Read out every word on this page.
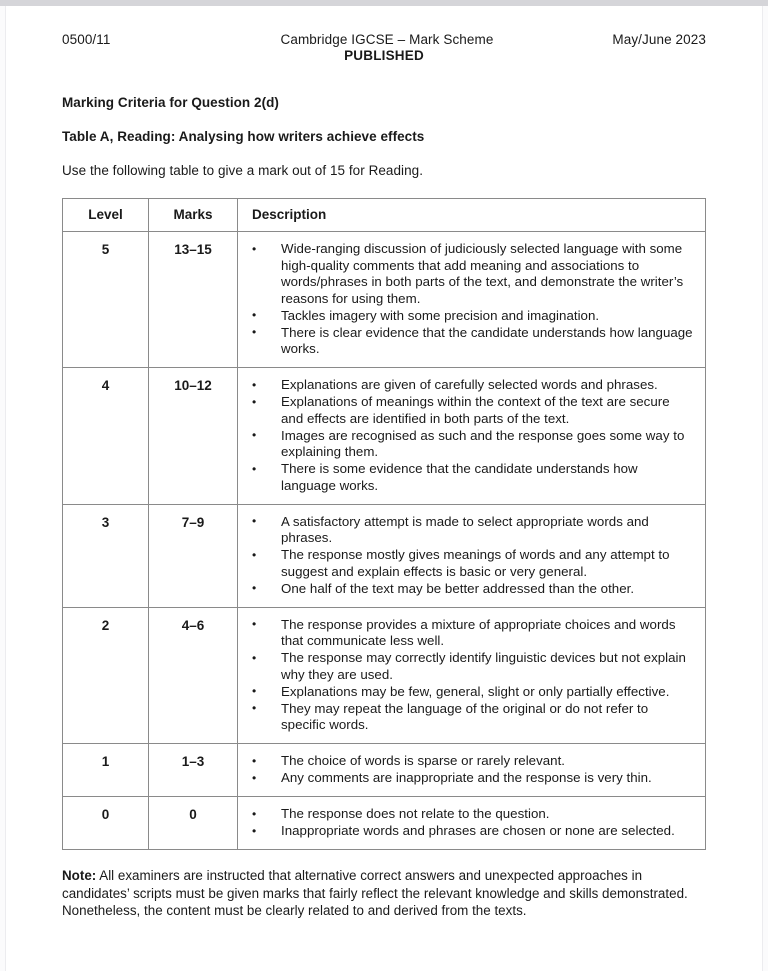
0500/11	Cambridge IGCSE – Mark Scheme
PUBLISHED
May/June 2023
Marking Criteria for Question 2(d)
Table A, Reading: Analysing how writers achieve effects
Use the following table to give a mark out of 15 for Reading.
Level	Marks	Description
5	13–15	
•Wide-ranging discussion of judiciously selected language with some high-quality comments that add meaning and associations to words/phrases in both parts of the text, and demonstrate the writer’s reasons for using them.
• Tackles imagery with some precision and imagination.
• There is clear evidence that the candidate understands how language works.

4	10–12	
•Explanations are given of carefully selected words and phrases.
• Explanations of meanings within the context of the text are secure and effects are identified in both parts of the text.
• Images are recognised as such and the response goes some way to explaining them.
• There is some evidence that the candidate understands how language works.

3	7–9	
•A satisfactory attempt is made to select appropriate words and phrases.
• The response mostly gives meanings of words and any attempt to suggest and explain effects is basic or very general.
• One half of the text may be better addressed than the other.

2	4–6	
•The response provides a mixture of appropriate choices and words that communicate less well.
• The response may correctly identify linguistic devices but not explain why they are used.
• Explanations may be few, general, slight or only partially effective.
• They may repeat the language of the original or do not refer to specific words.

1	1–3	
•The choice of words is sparse or rarely relevant.
• Any comments are inappropriate and the response is very thin.

0	0	
•The response does not relate to the question.
• Inappropriate words and phrases are chosen or none are selected.

Note: All examiners are instructed that alternative correct answers and unexpected approaches in candidates’ scripts must be given marks that fairly reflect the relevant knowledge and skills demonstrated. Nonetheless, the content must be clearly related to and derived from the texts.
